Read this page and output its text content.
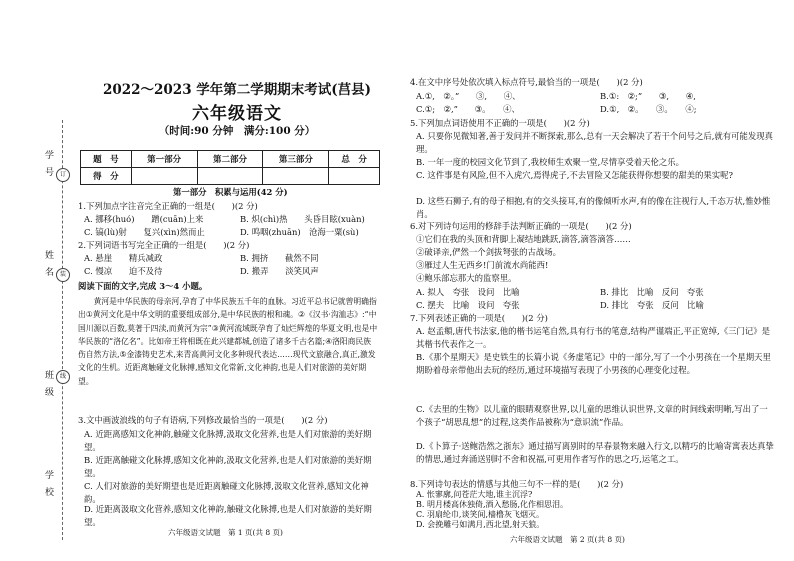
学号
姓名
班级
学校
订
装
线
2022～2023 学年第二学期期末考试(莒县)
六年级语文
（时间:90 分钟　满分:100 分）
题　号	第一部分	第二部分	第三部分	总　分
得　分				
第一部分　积累与运用(42 分)
1.下列加点字注音完全正确的一组是(　　)(2 分)
A. 挪移(huó)　　蹭(cuān)上来	B. 炽(chì)热　　头昏目眩(xuàn)
C. 镐(lù)射　　复兴(xìn)然而止	D. 鸣咽(zhuān)　沧海一粟(sù)
2.下列词语书写完全正确的一组是(　　)(2 分)
A. 悬崖　　精兵减政	B. 拥挤　　截然不同
C. 慢凉　　迫不及待	D. 搬弄　　淡笑风声
阅读下面的文字,完成 3～4 小题。

黄河是中华民族的母亲河,孕育了中华民族五千年的血脉。习近平总书记就曾明确指出①黄河文化是中华文明的重要组成部分,是中华民族的根和魂。②《汉书·沟洫志》:“中国川源以百数,莫著于四渎,而黄河为宗”③黄河流域既孕育了灿烂辉煌的华夏文明,也是中华民族的“洛亿名”。比如帝王将相既在此兴建都城,创造了诸多千古名篇;④洛阳商民族伤自然方法,⑤金漆铸史艺术,来青高黄河文化多种现代表达……现代文旅融合,真正,激发文化的生机。近距离触碰文化脉搏,感知文化常新,文化神韵,也是人们对旅游的美好期望。

3.文中画波浪线的句子有语病,下列修改最恰当的一项是(　　)(2 分)
A. 近距离感知文化神韵,触碰文化脉搏,汲取文化营养,也是人们对旅游的美好期望。
B. 近距离触碰文化脉搏,感知文化神韵,汲取文化营养,也是人们对旅游的美好期望。
C. 人们对旅游的美好期望也是近距离触碰文化脉搏,汲取文化营养,感知文化神韵。
D. 近距离汲取文化营养,感知文化神韵,触碰文化脉搏,也是人们对旅游的美好期望。
六年级语文试题　第 1 页(共 8 页)
4.在文中序号处依次填入标点符号,最恰当的一项是(　　)(2 分)
A.①,　②。”　　③,　　④、	B.①:　②;”　　③,　　④,
C.①;　②,”　　③。　　④、	D.①,　②。　　③。　　④;
5.下列加点词语使用不正确的一项是(　　)(2 分)
A. 只要你见微知著,善于发问并不断探索,那么,总有一天会解决了若干个问号之后,就有可能发现真理。
B. 一年一度的校园文化节到了,我校师生欢聚一堂,尽情享受着天伦之乐。
C. 这件事是有风险,但不入虎穴,焉得虎子,不去冒险又怎能获得你想要的甜美的果实呢?
D. 这些石狮子,有的母子相抱,有的交头接耳,有的像倾听水声,有的像在注视行人,千态万状,惟妙惟肖。
6.对下列诗句运用的修辞手法判断正确的一项是(　　)(2 分)
①它们在我的头顶和背脚上凝结地跳跃,滴答,滴答滴答……
②破译亲,俨然一个剑拔弩张的古战场。
③雁过人生无西乡!门前流水尚能西!
④鲍乐部忘那大的监察里。
A. 拟人　夸张　设问　比喻	B. 排比　比喻　反问　夸张
C. 摆夫　比喻　设问　夸张	D. 排比　夸张　反问　比喻
7.下列表述正确的一项是(　　)(2 分)
A. 赵孟頫,唐代书法家,他的楷书运笔自然,具有行书的笔意,结构严谨端正,平正宽绰,《三门记》是其楷书代表作之一。
B.《那个星期天》是史铁生的长篇小说《务虚笔记》中的一部分,写了一个小男孩在一个星期天里期盼着母亲带他出去玩的经历,通过环境描写表现了小男孩的心理变化过程。
C.《去里的生物》以儿童的眼睛观察世界,以儿童的思维认识世界,文章的时间线索明晰,写出了一个孩子“胡思乱想”的过程,这类作品被称为“意识流”作品。
D.《卜算子·送鲍浩然之浙东》通过描写离别时的早春景物来融入行文,以精巧的比喻寄寓表达真挚的情思,通过奔涌送别时不舍和祝福,可更用作者写作的思之巧,运笔之工。
8.下列诗句表达的情感与其他三句不一样的是(　　)(2 分)
A. 怅寥廓,问苍茫大地,谁主沉浮?
B. 明月楼高休独倚,酒入愁肠,化作相思泪。
C. 羽扇纶巾,谈笑间,樯橹灰飞烟灭。
D. 会挽雕弓如满月,西北望,射天狼。
六年级语文试题　第 2 页(共 8 页)
